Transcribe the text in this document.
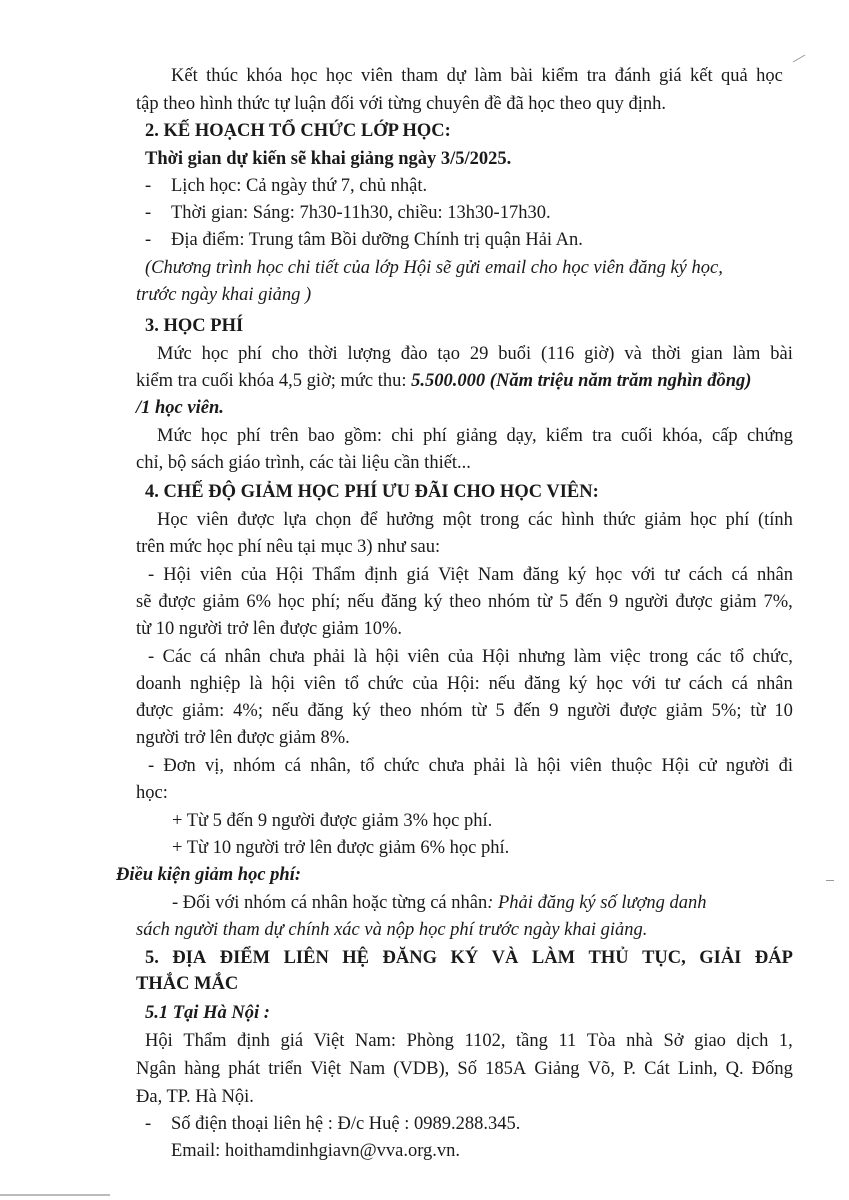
Kết thúc khóa học học viên tham dự làm bài kiểm tra đánh giá kết quả học
tập theo hình thức tự luận đối với từng chuyên đề đã học theo quy định.
2. KẾ HOẠCH TỔ CHỨC LỚP HỌC:
Thời gian dự kiến sẽ khai giảng ngày 3/5/2025.
- Lịch học: Cả ngày thứ 7, chủ nhật.
- Thời gian: Sáng: 7h30-11h30, chiều: 13h30-17h30.
- Địa điểm: Trung tâm Bồi dưỡng Chính trị quận Hải An.
(Chương trình học chi tiết của lớp Hội sẽ gửi email cho học viên đăng ký học,
trước ngày khai giảng )
3. HỌC PHÍ
Mức học phí cho thời lượng đào tạo 29 buổi (116 giờ) và thời gian làm bài
kiểm tra cuối khóa 4,5 giờ; mức thu: 5.500.000 (Năm triệu năm trăm nghìn đồng)
/1 học viên.
Mức học phí trên bao gồm: chi phí giảng dạy, kiểm tra cuối khóa, cấp chứng
chỉ, bộ sách giáo trình, các tài liệu cần thiết...
4. CHẾ ĐỘ GIẢM HỌC PHÍ ƯU ĐÃI CHO HỌC VIÊN:
Học viên được lựa chọn để hưởng một trong các hình thức giảm học phí (tính
trên mức học phí nêu tại mục 3) như sau:
- Hội viên của Hội Thẩm định giá Việt Nam đăng ký học với tư cách cá nhân
sẽ được giảm 6% học phí; nếu đăng ký theo nhóm từ 5 đến 9 người được giảm 7%,
từ 10 người trở lên được giảm 10%.
- Các cá nhân chưa phải là hội viên của Hội nhưng làm việc trong các tổ chức,
doanh nghiệp là hội viên tổ chức của Hội: nếu đăng ký học với tư cách cá nhân
được giảm: 4%; nếu đăng ký theo nhóm từ 5 đến 9 người được giảm 5%; từ 10
người trở lên được giảm 8%.
- Đơn vị, nhóm cá nhân, tổ chức chưa phải là hội viên thuộc Hội cử người đi
học:
+ Từ 5 đến 9 người được giảm 3% học phí.
+ Từ 10 người trở lên được giảm 6% học phí.
Điều kiện giảm học phí:
- Đối với nhóm cá nhân hoặc từng cá nhân: Phải đăng ký số lượng danh
sách người tham dự chính xác và nộp học phí trước ngày khai giảng.
5. ĐỊA ĐIỂM LIÊN HỆ ĐĂNG KÝ VÀ LÀM THỦ TỤC, GIẢI ĐÁP
THẮC MẮC
5.1 Tại Hà Nội :
Hội Thẩm định giá Việt Nam: Phòng 1102, tầng 11 Tòa nhà Sở giao dịch 1,
Ngân hàng phát triển Việt Nam (VDB), Số 185A Giảng Võ, P. Cát Linh, Q. Đống
Đa, TP. Hà Nội.
- Số điện thoại liên hệ : Đ/c Huệ : 0989.288.345.
Email: hoithamdinhgiavn@vva.org.vn.
